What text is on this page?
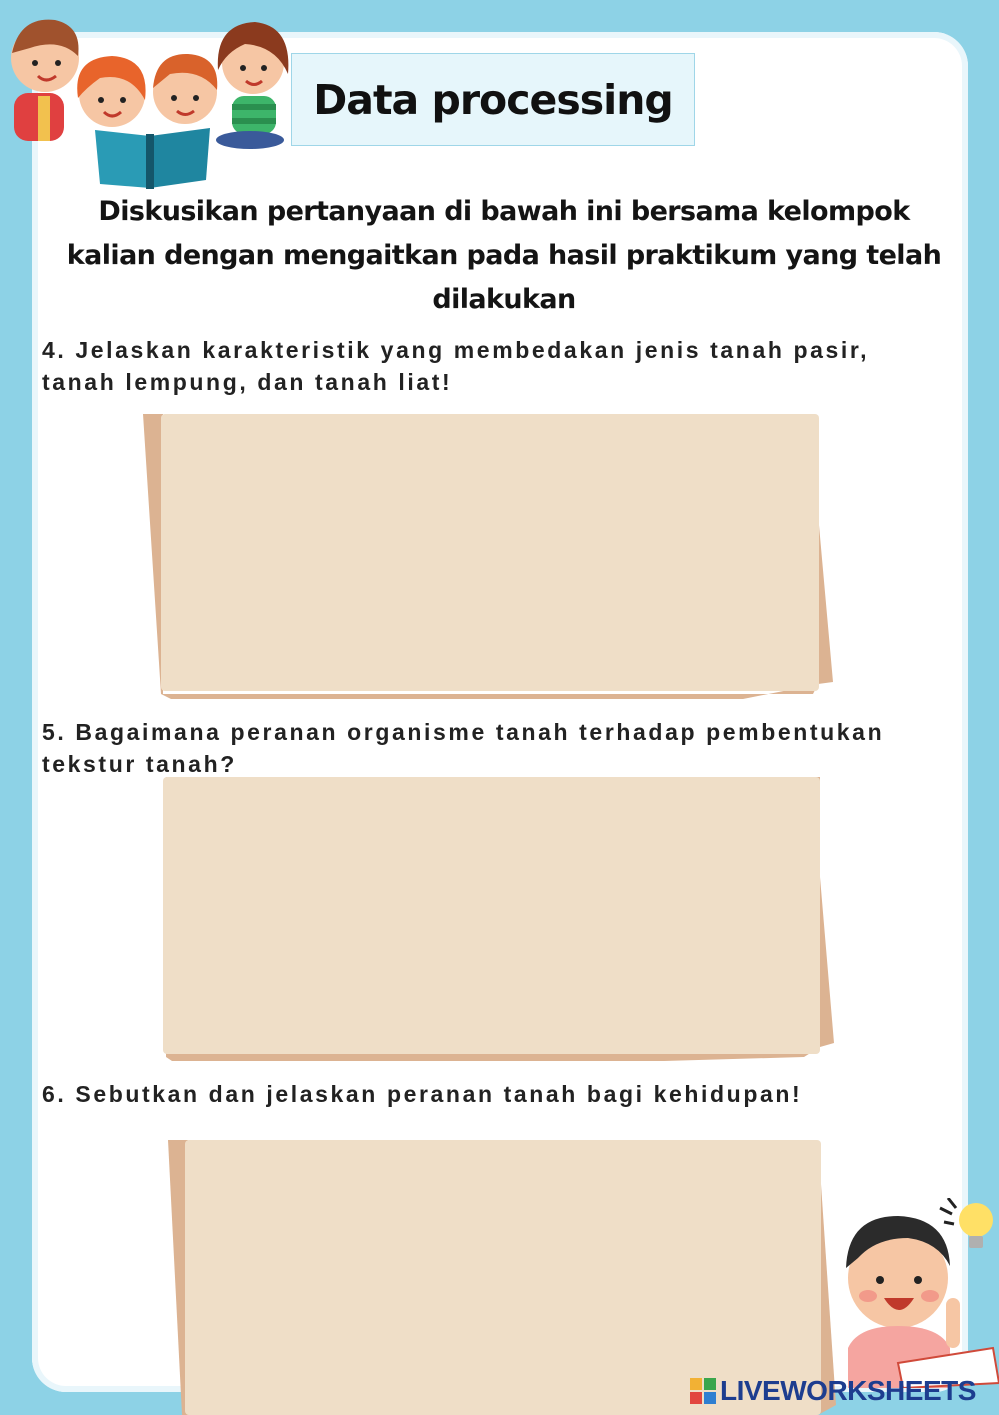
Data processing
Diskusikan pertanyaan di bawah ini bersama kelompok
kalian dengan mengaitkan pada hasil praktikum yang telah
dilakukan
4. Jelaskan karakteristik yang membedakan jenis tanah pasir,
tanah lempung, dan tanah liat!
5. Bagaimana peranan organisme tanah terhadap pembentukan
tekstur tanah?
6. Sebutkan dan jelaskan peranan tanah bagi kehidupan!
LIVEWORKSHEETS
